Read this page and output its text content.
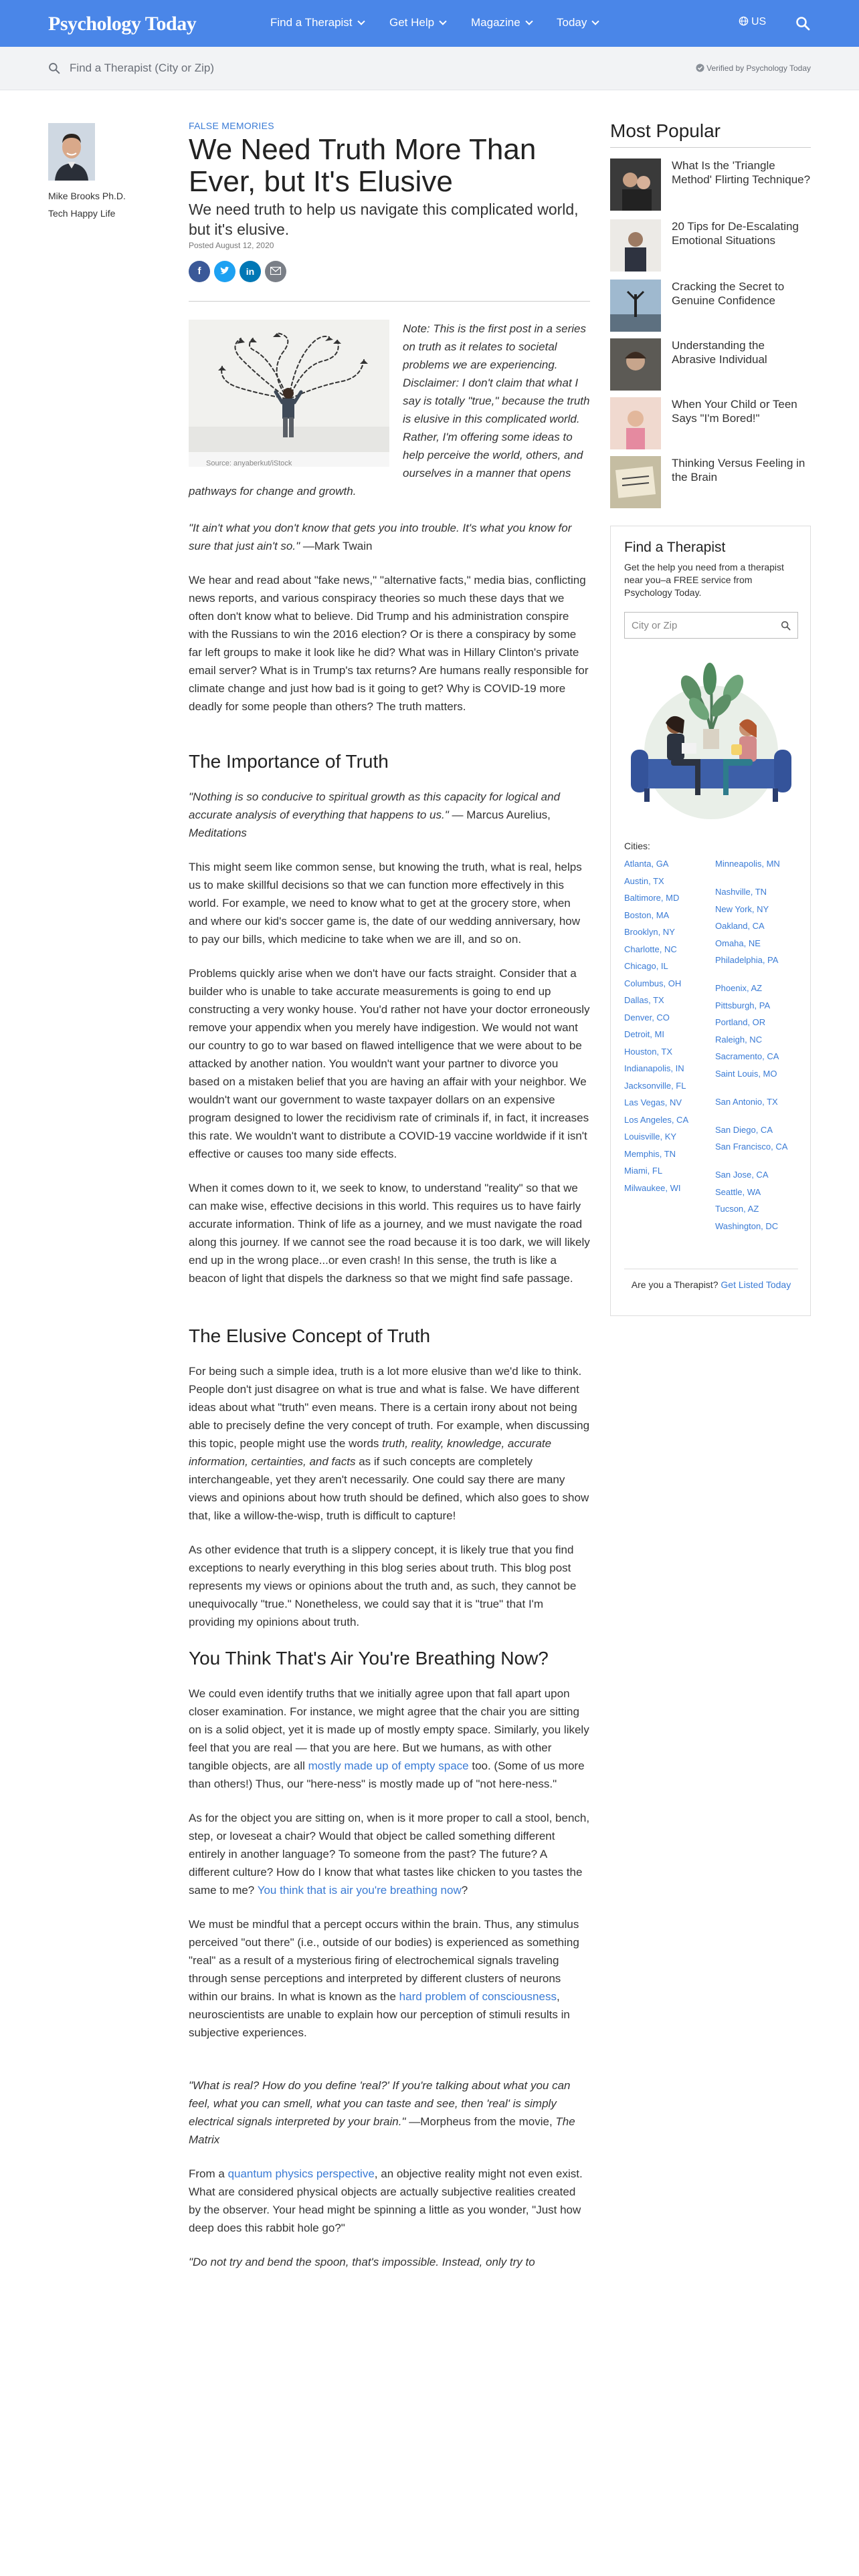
Psychology Today	Find a Therapist	Get Help	Magazine	Today	US
Find a Therapist (City or Zip)	Verified by Psychology Today
Mike Brooks Ph.D.
Tech Happy Life
FALSE MEMORIES
We Need Truth More Than Ever, but It's Elusive
We need truth to help us navigate this complicated world, but it's elusive.
Posted August 12, 2020
f	in
Source: anyaberkut/iStock

Note: This is the first post in a series on truth as it relates to societal problems we are experiencing. Disclaimer: I don't claim that what I say is totally "true," because the truth is elusive in this complicated world. Rather, I'm offering some ideas to help perceive the world, others, and ourselves in a manner that opens pathways for change and growth.

"It ain't what you don't know that gets you into trouble. It's what you know for sure that just ain't so." —Mark Twain

We hear and read about "fake news," "alternative facts," media bias, conflicting news reports, and various conspiracy theories so much these days that we often don't know what to believe. Did Trump and his administration conspire with the Russians to win the 2016 election? Or is there a conspiracy by some far left groups to make it look like he did? What was in Hillary Clinton's private email server? What is in Trump's tax returns? Are humans really responsible for climate change and just how bad is it going to get? Why is COVID-19 more deadly for some people than others? The truth matters.

The Importance of Truth

"Nothing is so conducive to spiritual growth as this capacity for logical and accurate analysis of everything that happens to us." — Marcus Aurelius, Meditations

This might seem like common sense, but knowing the truth, what is real, helps us to make skillful decisions so that we can function more effectively in this world. For example, we need to know what to get at the grocery store, when and where our kid's soccer game is, the date of our wedding anniversary, how to pay our bills, which medicine to take when we are ill, and so on.

Problems quickly arise when we don't have our facts straight. Consider that a builder who is unable to take accurate measurements is going to end up constructing a very wonky house. You'd rather not have your doctor erroneously remove your appendix when you merely have indigestion. We would not want our country to go to war based on flawed intelligence that we were about to be attacked by another nation. You wouldn't want your partner to divorce you based on a mistaken belief that you are having an affair with your neighbor. We wouldn't want our government to waste taxpayer dollars on an expensive program designed to lower the recidivism rate of criminals if, in fact, it increases this rate. We wouldn't want to distribute a COVID-19 vaccine worldwide if it isn't effective or causes too many side effects.

When it comes down to it, we seek to know, to understand "reality" so that we can make wise, effective decisions in this world. This requires us to have fairly accurate information. Think of life as a journey, and we must navigate the road along this journey. If we cannot see the road because it is too dark, we will likely end up in the wrong place...or even crash! In this sense, the truth is like a beacon of light that dispels the darkness so that we might find safe passage.

The Elusive Concept of Truth

For being such a simple idea, truth is a lot more elusive than we'd like to think. People don't just disagree on what is true and what is false. We have different ideas about what "truth" even means. There is a certain irony about not being able to precisely define the very concept of truth. For example, when discussing this topic, people might use the words truth, reality, knowledge, accurate information, certainties, and facts as if such concepts are completely interchangeable, yet they aren't necessarily. One could say there are many views and opinions about how truth should be defined, which also goes to show that, like a willow-the-wisp, truth is difficult to capture!

As other evidence that truth is a slippery concept, it is likely true that you find exceptions to nearly everything in this blog series about truth. This blog post represents my views or opinions about the truth and, as such, they cannot be unequivocally "true." Nonetheless, we could say that it is "true" that I'm providing my opinions about truth.

You Think That's Air You're Breathing Now?

We could even identify truths that we initially agree upon that fall apart upon closer examination. For instance, we might agree that the chair you are sitting on is a solid object, yet it is made up of mostly empty space. Similarly, you likely feel that you are real — that you are here. But we humans, as with other tangible objects, are all mostly made up of empty space too. (Some of us more than others!) Thus, our "here-ness" is mostly made up of "not here-ness."

As for the object you are sitting on, when is it more proper to call a stool, bench, step, or loveseat a chair? Would that object be called something different entirely in another language? To someone from the past? The future? A different culture? How do I know that what tastes like chicken to you tastes the same to me? You think that is air you're breathing now?

We must be mindful that a percept occurs within the brain. Thus, any stimulus perceived "out there" (i.e., outside of our bodies) is experienced as something "real" as a result of a mysterious firing of electrochemical signals traveling through sense perceptions and interpreted by different clusters of neurons within our brains. In what is known as the hard problem of consciousness, neuroscientists are unable to explain how our perception of stimuli results in subjective experiences.

"What is real? How do you define 'real?' If you're talking about what you can feel, what you can smell, what you can taste and see, then 'real' is simply electrical signals interpreted by your brain." —Morpheus from the movie, The Matrix

From a quantum physics perspective, an objective reality might not even exist. What are considered physical objects are actually subjective realities created by the observer. Your head might be spinning a little as you wonder, "Just how deep does this rabbit hole go?"

"Do not try and bend the spoon, that's impossible. Instead, only try to

Most Popular
What Is the 'Triangle Method' Flirting Technique?
20 Tips for De-Escalating Emotional Situations
Cracking the Secret to Genuine Confidence
Understanding the Abrasive Individual
When Your Child or Teen Says "I'm Bored!"
Thinking Versus Feeling in the Brain
Find a Therapist
Get the help you need from a therapist near you–a FREE service from Psychology Today.
City or Zip
Cities:
Are you a Therapist? Get Listed Today
Atlanta, GA
Austin, TX
Baltimore, MD
Boston, MA
Brooklyn, NY
Charlotte, NC
Chicago, IL
Columbus, OH
Dallas, TX
Denver, CO
Detroit, MI
Houston, TX
Indianapolis, IN
Jacksonville, FL
Las Vegas, NV
Los Angeles, CA
Louisville, KY
Memphis, TN
Miami, FL
Milwaukee, WI
Minneapolis, MN
Nashville, TN
New York, NY
Oakland, CA
Omaha, NE
Philadelphia, PA
Phoenix, AZ
Pittsburgh, PA
Portland, OR
Raleigh, NC
Sacramento, CA
Saint Louis, MO
San Antonio, TX
San Diego, CA
San Francisco, CA
San Jose, CA
Seattle, WA
Tucson, AZ
Washington, DC
